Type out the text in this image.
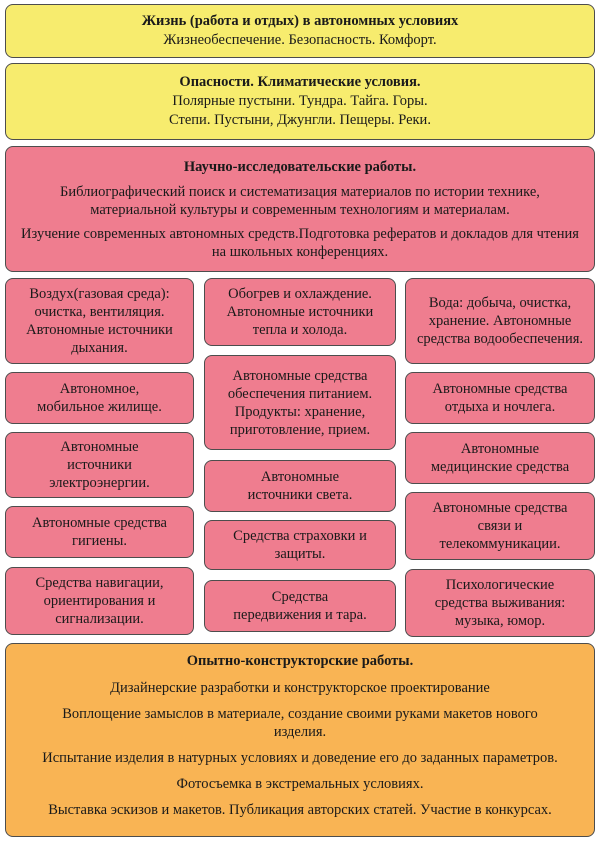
Жизнь (работа и отдых) в автономных условиях
Жизнеобеспечение. Безопасность. Комфорт.
Опасности. Климатические условия.
Полярные пустыни. Тундра. Тайга. Горы.
Степи. Пустыни, Джунгли. Пещеры. Реки.
Научно-исследовательские работы.
Библиографический поиск и систематизация материалов по истории технике, материальной культуры и современным технологиям и материалам.
Изучение современных автономных средств.Подготовка рефератов и докладов для чтения на школьных конференциях.
Воздух(газовая среда): очистка, вентиляция. Автономные источники дыхания.
Автономное, мобильное жилище.
Автономные источники электроэнергии.
Автономные средства гигиены.
Средства навигации, ориентирования и сигнализации.
Обогрев и охлаждение. Автономные источники тепла и холода.
Автономные средства обеспечения питанием. Продукты: хранение, приготовление, прием.
Автономные источники света.
Средства страховки и защиты.
Средства передвижения и тара.
Вода: добыча, очистка, хранение. Автономные средства водообеспечения.
Автономные средства отдыха и ночлега.
Автономные медицинские средства
Автономные средства связи и телекоммуникации.
Психологические средства выживания: музыка, юмор.
Опытно-конструкторские работы.
Дизайнерские разработки и конструкторское проектирование
Воплощение замыслов в материале, создание своими руками макетов нового изделия.
Испытание изделия в натурных условиях и доведение его до заданных параметров.
Фотосъемка в экстремальных условиях.
Выставка эскизов и макетов. Публикация авторских статей. Участие в конкурсах.
